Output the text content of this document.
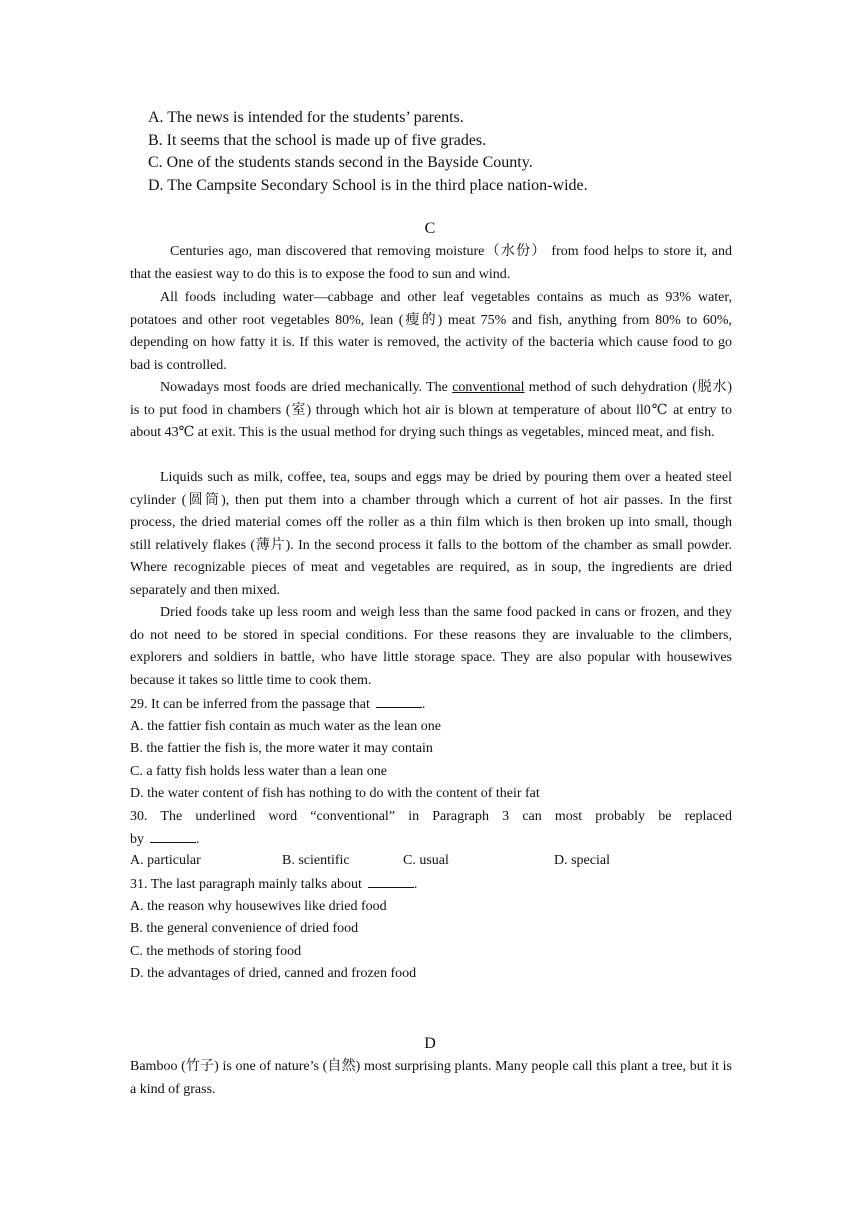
A. The news is intended for the students’ parents.
B. It seems that the school is made up of five grades.
C. One of the students stands second in the Bayside County.
D. The Campsite Secondary School is in the third place nation-wide.
C

Centuries ago, man discovered that removing moisture（水份） from food helps to store it, and that the easiest way to do this is to expose the food to sun and wind.

All foods including water—cabbage and other leaf vegetables contains as much as 93% water, potatoes and other root vegetables 80%, lean (瘦的) meat 75% and fish, anything from 80% to 60%, depending on how fatty it is. If this water is removed, the activity of the bacteria which cause food to go bad is controlled.

Nowadays most foods are dried mechanically. The conventional method of such dehydration (脱水) is to put food in chambers (室) through which hot air is blown at temperature of about ll0℃ at entry to about 43℃ at exit. This is the usual method for drying such things as vegetables, minced meat, and fish.

Liquids such as milk, coffee, tea, soups and eggs may be dried by pouring them over a heated steel cylinder (圆筒), then put them into a chamber through which a current of hot air passes. In the first process, the dried material comes off the roller as a thin film which is then broken up into small, though still relatively flakes (薄片). In the second process it falls to the bottom of the chamber as small powder. Where recognizable pieces of meat and vegetables are required, as in soup, the ingredients are dried separately and then mixed.

Dried foods take up less room and weigh less than the same food packed in cans or frozen, and they do not need to be stored in special conditions. For these reasons they are invaluable to the climbers, explorers and soldiers in battle, who have little storage space. They are also popular with housewives because it takes so little time to cook them.

29. It can be inferred from the passage that	.
A. the fattier fish contain as much water as the lean one
B. the fattier the fish is, the more water it may contain
C. a fatty fish holds less water than a lean one
D. the water content of fish has nothing to do with the content of their fat
30. The underlined word “conventional” in Paragraph 3 can most probably be replaced
by	.
A. particular	B. scientific	C. usual	D. special
31. The last paragraph mainly talks about	.
A. the reason why housewives like dried food
B. the general convenience of dried food
C. the methods of storing food
D. the advantages of dried, canned and frozen food
D

Bamboo (竹子) is one of nature’s (自然) most surprising plants. Many people call this plant a tree, but it is a kind of grass.
